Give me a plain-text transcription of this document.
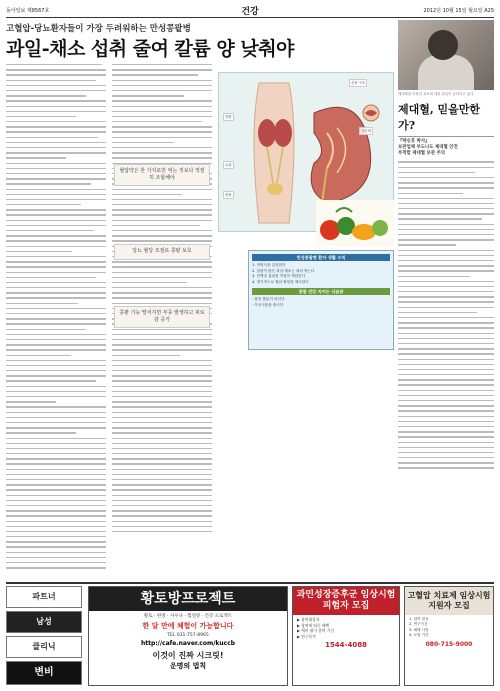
동아일보 제8567호	건강	2012년 10월 15일 월요일 A25
고혈압-당뇨환자들이 가장 두려워하는 만성콩팥병
과일-채소 섭취 줄여 칼륨 양 낮춰야
혈압약은 한 가지로만 먹는 것보다 적절히 조합해야
당뇨 혈당 조절로 콩팥 보호
콩팥 기능 떨어지면 부종 발생하고 피로감 증가
콩팥
요관
방광
신장 구조
사구체
만성콩팥병 환자 생활 수칙
1. 저염식을 실천한다
2. 칼륨이 많은 과일·채소는 데쳐 먹는다
3. 단백질 섭취를 적절히 제한한다
4. 정기적으로 혈압·혈당을 체크한다
콩팥 건강 지키는 식습관
· 물을 충분히 마신다
· 가공식품을 줄인다
제대혈을 이용한 치료에 대한 관심이 높아지고 있다.
제대혈, 믿을만한가?
『박승호 박사』
보관업체 부도나도 제대혈 안전
부적합 제대혈 보관 주의
파트너
남성
클리닉
변비
황토방프로젝트
황토 · 한방 · 사우나 · 찜질방 · 건강 프로젝트
한 달 만에 체험이 가능합니다
TEL 031-757-8965
http://cafe.naver.com/kuccb
이것이 진짜 시크릿!
운명의 법칙
과민성장증후군 임상시험 피험자 모집
▶ 참여대상자
▶ 참여에 따른 혜택
▶ 예비 평가 참여 기간
▶ 연구목적
1544-4088
고혈압 치료제 임상시험 지원자 모집
1. 참여 대상
2. 연구기간
3. 혜택 사항
4. 모집 기간
080-715-9000
